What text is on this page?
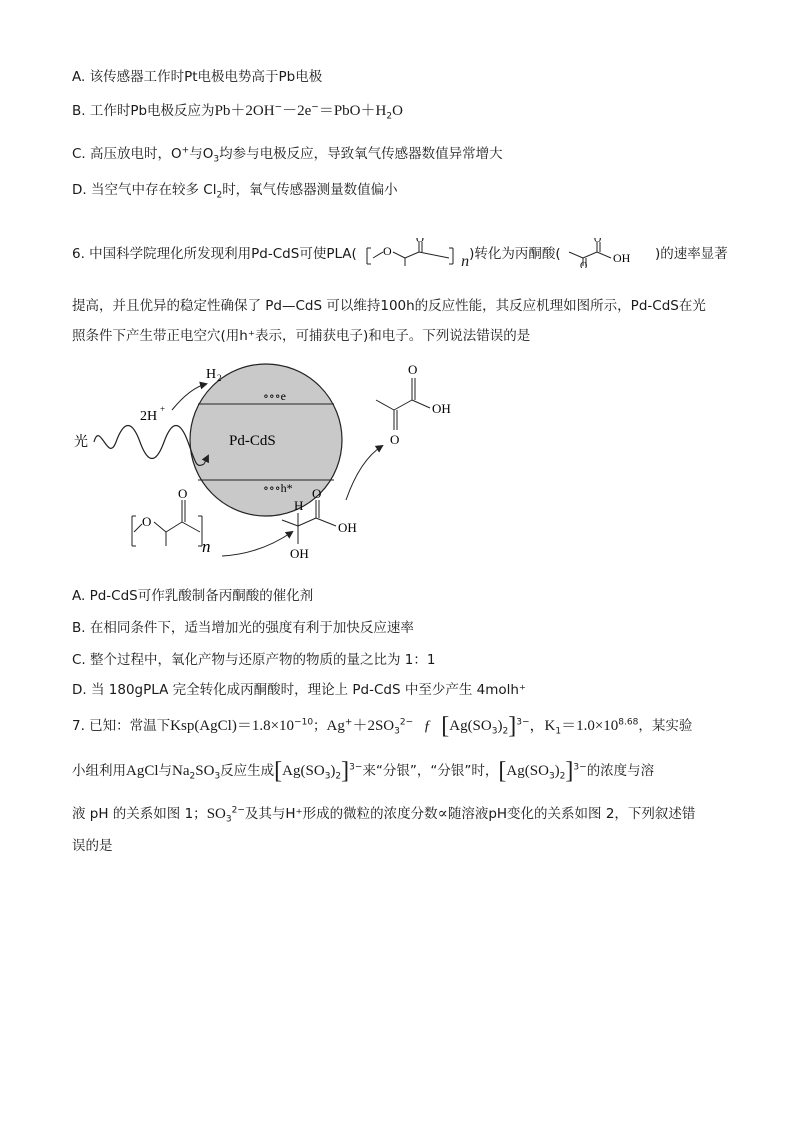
A. 该传感器工作时Pt电极电势高于Pb电极
B. 工作时Pb电极反应为$Pb+2OH^--2e^-=PbO+H_2O$
C. 高压放电时，O+与$O_3$均参与电极反应，导致氧气传感器数值异常增大
D. 当空气中存在较多 $Cl_2$时，氧气传感器测量数值偏小
6. 中国科学院理化所发现利用Pd-CdS可使PLA( O
O
n)转化为丙酮酸(
O
O
OH )的速率显著
提高，并且优异的稳定性确保了 Pd—CdS 可以维持100h的反应性能，其反应机理如图所示，Pd-CdS在光
照条件下产生带正电空穴(用h⁺表示，可捕获电子)和电子。下列说法错误的是
Pd-CdS
∘∘∘e
∘∘∘h*
H 2
2H +
光
O
O
n
H
OH
O
OH
O
O
OH
A. Pd-CdS可作乳酸制备丙酮酸的催化剂
B. 在相同条件下，适当增加光的强度有利于加快反应速率
C. 整个过程中，氧化产物与还原产物的物质的量之比为 1：1
D. 当 180gPLA 完全转化成丙酮酸时，理论上 Pd-CdS 中至少产生 4molh⁺
7. 已知：常温下$Ksp(AgCl)=1.8\times 10^{-10}$；$Ag^++2SO_3^{2-}$ ƒ $[Ag(SO_3)_2]^{3-}$，$K_1=1.0\times 10^{8.68}$，某实验
小组利用AgCl与$Na_2SO_3$反应生成$[Ag(SO_3)_2]^{3-}$来“分银”，“分银”时，$[Ag(SO_3)_2]^{3-}$的浓度与溶
液 pH 的关系如图 1；$SO_3^{2-}$及其与H⁺形成的微粒的浓度分数∝随溶液pH变化的关系如图 2，下列叙述错
误的是
